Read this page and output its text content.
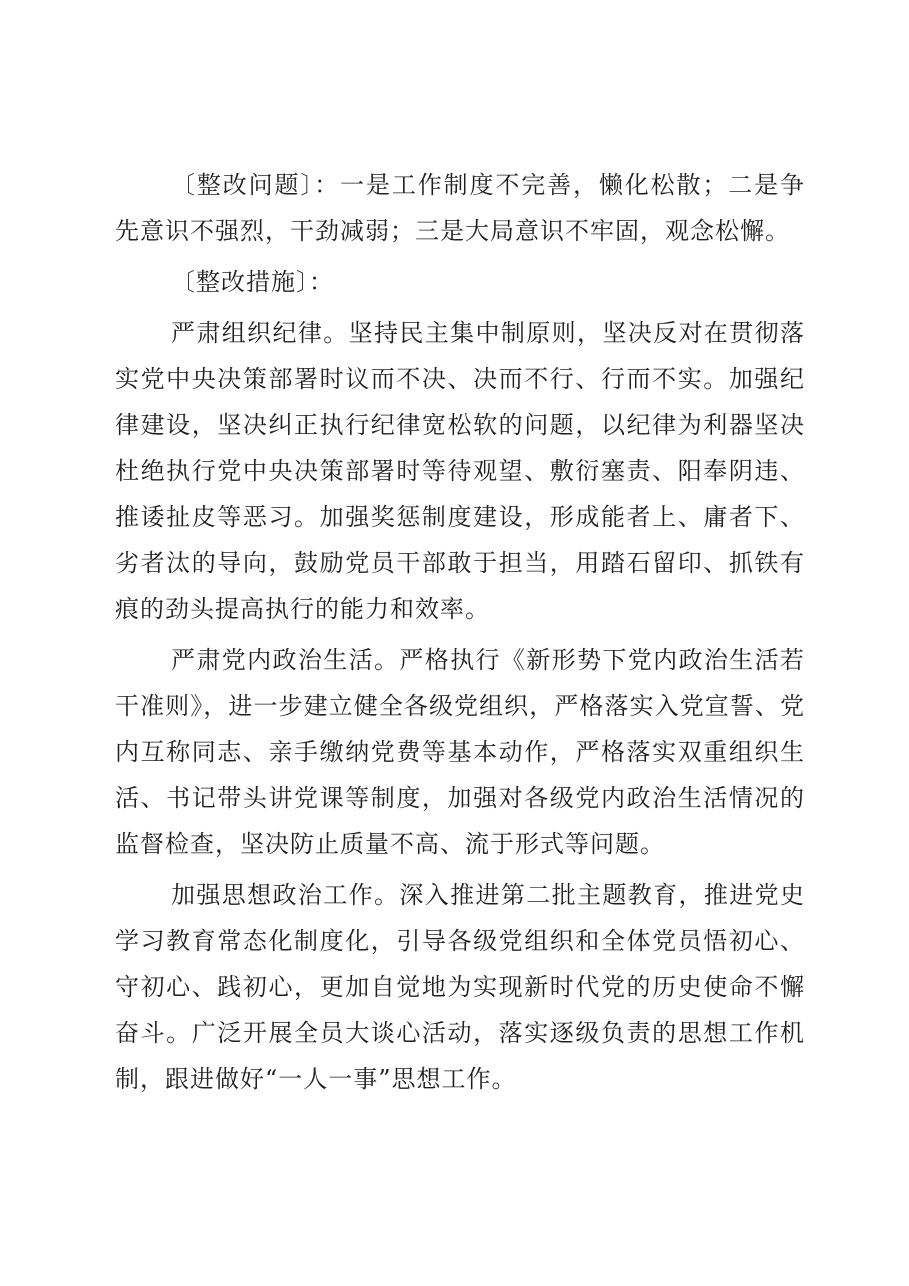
〔整改问题〕：一是工作制度不完善，懒化松散；二是争先意识不强烈，干劲减弱；三是大局意识不牢固，观念松懈。

〔整改措施〕：

严肃组织纪律。坚持民主集中制原则，坚决反对在贯彻落实党中央决策部署时议而不决、决而不行、行而不实。加强纪律建设，坚决纠正执行纪律宽松软的问题，以纪律为利器坚决杜绝执行党中央决策部署时等待观望、敷衍塞责、阳奉阴违、推诿扯皮等恶习。加强奖惩制度建设，形成能者上、庸者下、劣者汰的导向，鼓励党员干部敢于担当，用踏石留印、抓铁有痕的劲头提高执行的能力和效率。

严肃党内政治生活。严格执行《新形势下党内政治生活若干准则》，进一步建立健全各级党组织，严格落实入党宣誓、党内互称同志、亲手缴纳党费等基本动作，严格落实双重组织生活、书记带头讲党课等制度，加强对各级党内政治生活情况的监督检查，坚决防止质量不高、流于形式等问题。

加强思想政治工作。深入推进第二批主题教育，推进党史学习教育常态化制度化，引导各级党组织和全体党员悟初心、守初心、践初心，更加自觉地为实现新时代党的历史使命不懈奋斗。广泛开展全员大谈心活动，落实逐级负责的思想工作机制，跟进做好“一人一事”思想工作。
